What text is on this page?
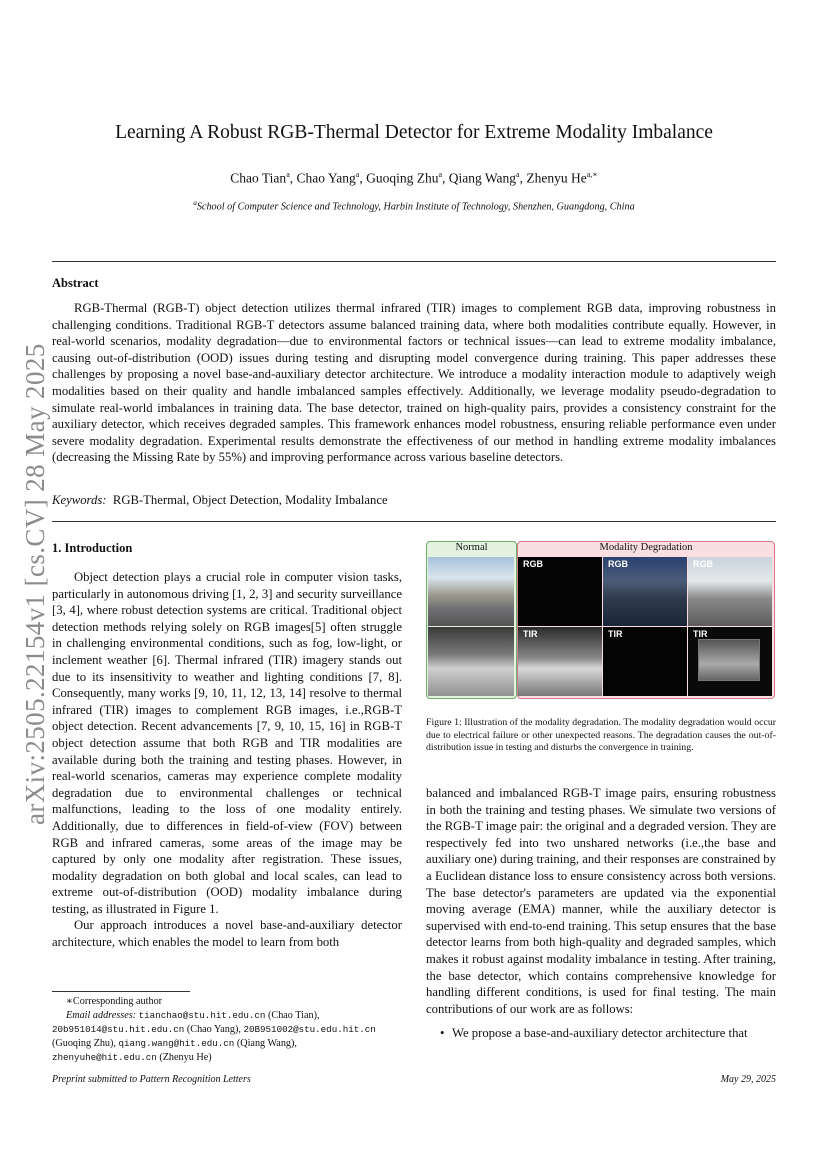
arXiv:2505.22154v1 [cs.CV] 28 May 2025
Learning A Robust RGB-Thermal Detector for Extreme Modality Imbalance
Chao Tian$^a$, Chao Yang$^a$, Guoqing Zhu$^a$, Qiang Wang$^a$, Zhenyu $He^{a,∗}$
$^a$School of Computer Science and Technology, Harbin Institute of Technology, Shenzhen, Guangdong, China
Abstract

RGB-Thermal (RGB-T) object detection utilizes thermal infrared (TIR) images to complement RGB data, improving robustness in challenging conditions. Traditional RGB-T detectors assume balanced training data, where both modalities contribute equally. However, in real-world scenarios, modality degradation—due to environmental factors or technical issues—can lead to extreme modality imbalance, causing out-of-distribution (OOD) issues during testing and disrupting model convergence during training. This paper addresses these challenges by proposing a novel base-and-auxiliary detector architecture. We introduce a modality interaction module to adaptively weigh modalities based on their quality and handle imbalanced samples effectively. Additionally, we leverage modality pseudo-degradation to simulate real-world imbalances in training data. The base detector, trained on high-quality pairs, provides a consistency constraint for the auxiliary detector, which receives degraded samples. This framework enhances model robustness, ensuring reliable performance even under severe modality degradation. Experimental results demonstrate the effectiveness of our method in handling extreme modality imbalances (decreasing the Missing Rate by 55%) and improving performance across various baseline detectors.

Keywords: RGB-Thermal, Object Detection, Modality Imbalance
1. Introduction

Object detection plays a crucial role in computer vision tasks, particularly in autonomous driving [1, 2, 3] and security surveillance [3, 4], where robust detection systems are critical. Traditional object detection methods relying solely on RGB images[5] often struggle in challenging environmental conditions, such as fog, low-light, or inclement weather [6]. Thermal infrared (TIR) imagery stands out due to its insensitivity to weather and lighting conditions [7, 8]. Consequently, many works [9, 10, 11, 12, 13, 14] resolve to thermal infrared (TIR) images to complement RGB images, i.e.,RGB-T object detection. Recent advancements [7, 9, 10, 15, 16] in RGB-T object detection assume that both RGB and TIR modalities are available during both the training and testing phases. However, in real-world scenarios, cameras may experience complete modality degradation due to environmental challenges or technical malfunctions, leading to the loss of one modality entirely. Additionally, due to differences in field-of-view (FOV) between RGB and infrared cameras, some areas of the image may be captured by only one modality after registration. These issues, modality degradation on both global and local scales, can lead to extreme out-of-distribution (OOD) modality imbalance during testing, as illustrated in Figure 1.

Our approach introduces a novel base-and-auxiliary detector architecture, which enables the model to learn from both

∗Corresponding author
Email addresses: tianchao@stu.hit.edu.cn (Chao Tian),
20b951014@stu.hit.edu.cn (Chao Yang), 20B951002@stu.edu.hit.cn
(Guoqing Zhu), qiang.wang@hit.edu.cn (Qiang Wang),
zhenyuhe@hit.edu.cn (Zhenyu He)
Normal	Modality Degradation
RGB
TIR
RGB
TIR
RGB
TIR
Figure 1: Illustration of the modality degradation. The modality degradation would occur due to electrical failure or other unexpected reasons. The degradation causes the out-of-distribution issue in testing and disturbs the convergence in training.

balanced and imbalanced RGB-T image pairs, ensuring robustness in both the training and testing phases. We simulate two versions of the RGB-T image pair: the original and a degraded version. They are respectively fed into two unshared networks (i.e.,the base and auxiliary one) during training, and their responses are constrained by a Euclidean distance loss to ensure consistency across both versions. The base detector's parameters are updated via the exponential moving average (EMA) manner, while the auxiliary detector is supervised with end-to-end training. This setup ensures that the base detector learns from both high-quality and degraded samples, which makes it robust against modality imbalance in testing. After training, the base detector, which contains comprehensive knowledge for handling different conditions, is used for final testing. The main contributions of our work are as follows:

• We propose a base-and-auxiliary detector architecture that
Preprint submitted to Pattern Recognition Letters	May 29, 2025
